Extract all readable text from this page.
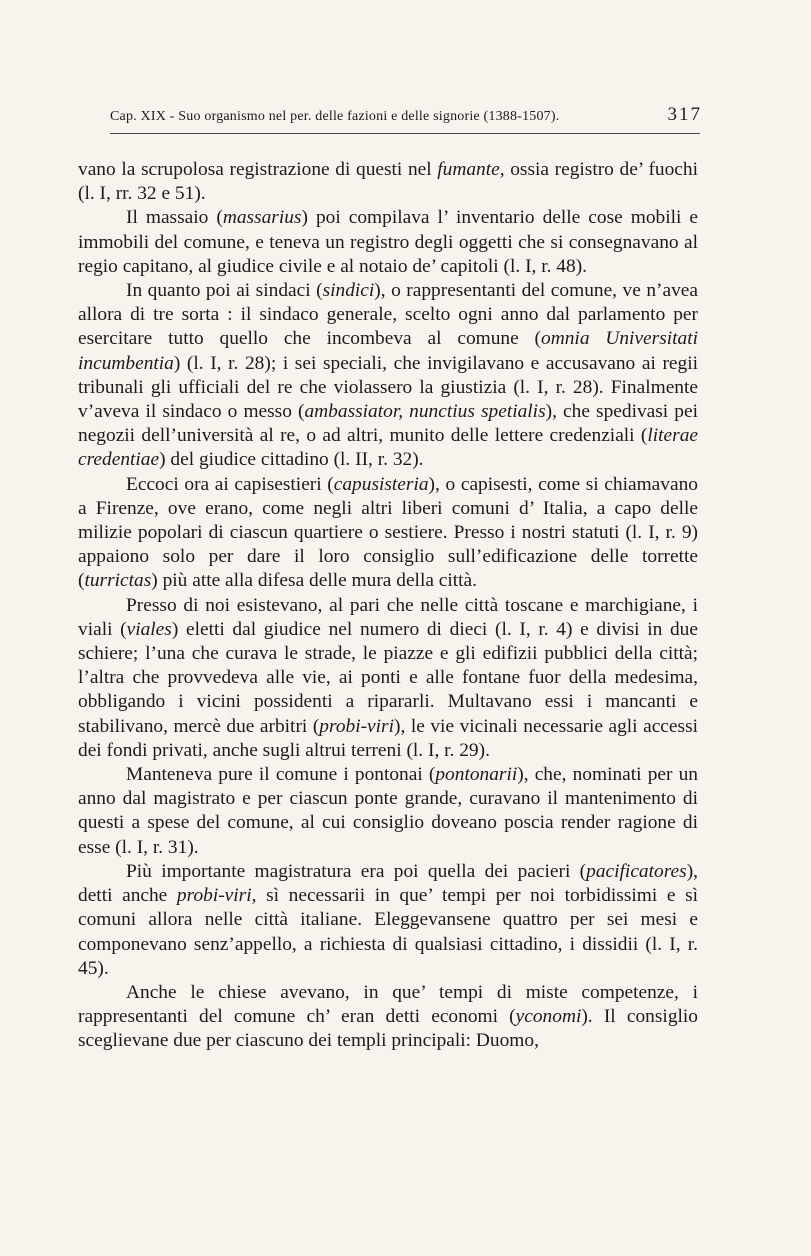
Cap. XIX - Suo organismo nel per. delle fazioni e delle signorie (1388-1507).	317

vano la scrupolosa registrazione di questi nel fumante, ossia registro de’ fuochi (l. I, rr. 32 e 51).

Il massaio (massarius) poi compilava l’ inventario delle cose mobili e immobili del comune, e teneva un registro degli oggetti che si consegnavano al regio capitano, al giudice civile e al notaio de’ capitoli (l. I, r. 48).

In quanto poi ai sindaci (sindici), o rappresentanti del comune, ve n’avea allora di tre sorta : il sindaco generale, scelto ogni anno dal parlamento per esercitare tutto quello che incombeva al comune (omnia Universitati incumbentia) (l. I, r. 28); i sei speciali, che invigilavano e accusavano ai regii tribunali gli ufficiali del re che violassero la giustizia (l. I, r. 28). Finalmente v’aveva il sindaco o messo (ambassiator, nunctius spetialis), che spedivasi pei negozii dell’università al re, o ad altri, munito delle lettere credenziali (literae credentiae) del giudice cittadino (l. II, r. 32).

Eccoci ora ai capisestieri (capusisteria), o capisesti, come si chiamavano a Firenze, ove erano, come negli altri liberi comuni d’ Italia, a capo delle milizie popolari di ciascun quartiere o sestiere. Presso i nostri statuti (l. I, r. 9) appaiono solo per dare il loro consiglio sull’edificazione delle torrette (turrictas) più atte alla difesa delle mura della città.

Presso di noi esistevano, al pari che nelle città toscane e marchigiane, i viali (viales) eletti dal giudice nel numero di dieci (l. I, r. 4) e divisi in due schiere; l’una che curava le strade, le piazze e gli edifizii pubblici della città; l’altra che provvedeva alle vie, ai ponti e alle fontane fuor della medesima, obbligando i vicini possidenti a ripararli. Multavano essi i mancanti e stabilivano, mercè due arbitri (probi-viri), le vie vicinali necessarie agli accessi dei fondi privati, anche sugli altrui terreni (l. I, r. 29).

Manteneva pure il comune i pontonai (pontonarii), che, nominati per un anno dal magistrato e per ciascun ponte grande, curavano il mantenimento di questi a spese del comune, al cui consiglio doveano poscia render ragione di esse (l. I, r. 31).

Più importante magistratura era poi quella dei pacieri (pacificatores), detti anche probi-viri, sì necessarii in que’ tempi per noi torbidissimi e sì comuni allora nelle città italiane. Eleggevansene quattro per sei mesi e componevano senz’appello, a richiesta di qualsiasi cittadino, i dissidii (l. I, r. 45).

Anche le chiese avevano, in que’ tempi di miste competenze, i rappresentanti del comune ch’ eran detti economi (yconomi). Il consiglio sceglievane due per ciascuno dei templi principali: Duomo,
